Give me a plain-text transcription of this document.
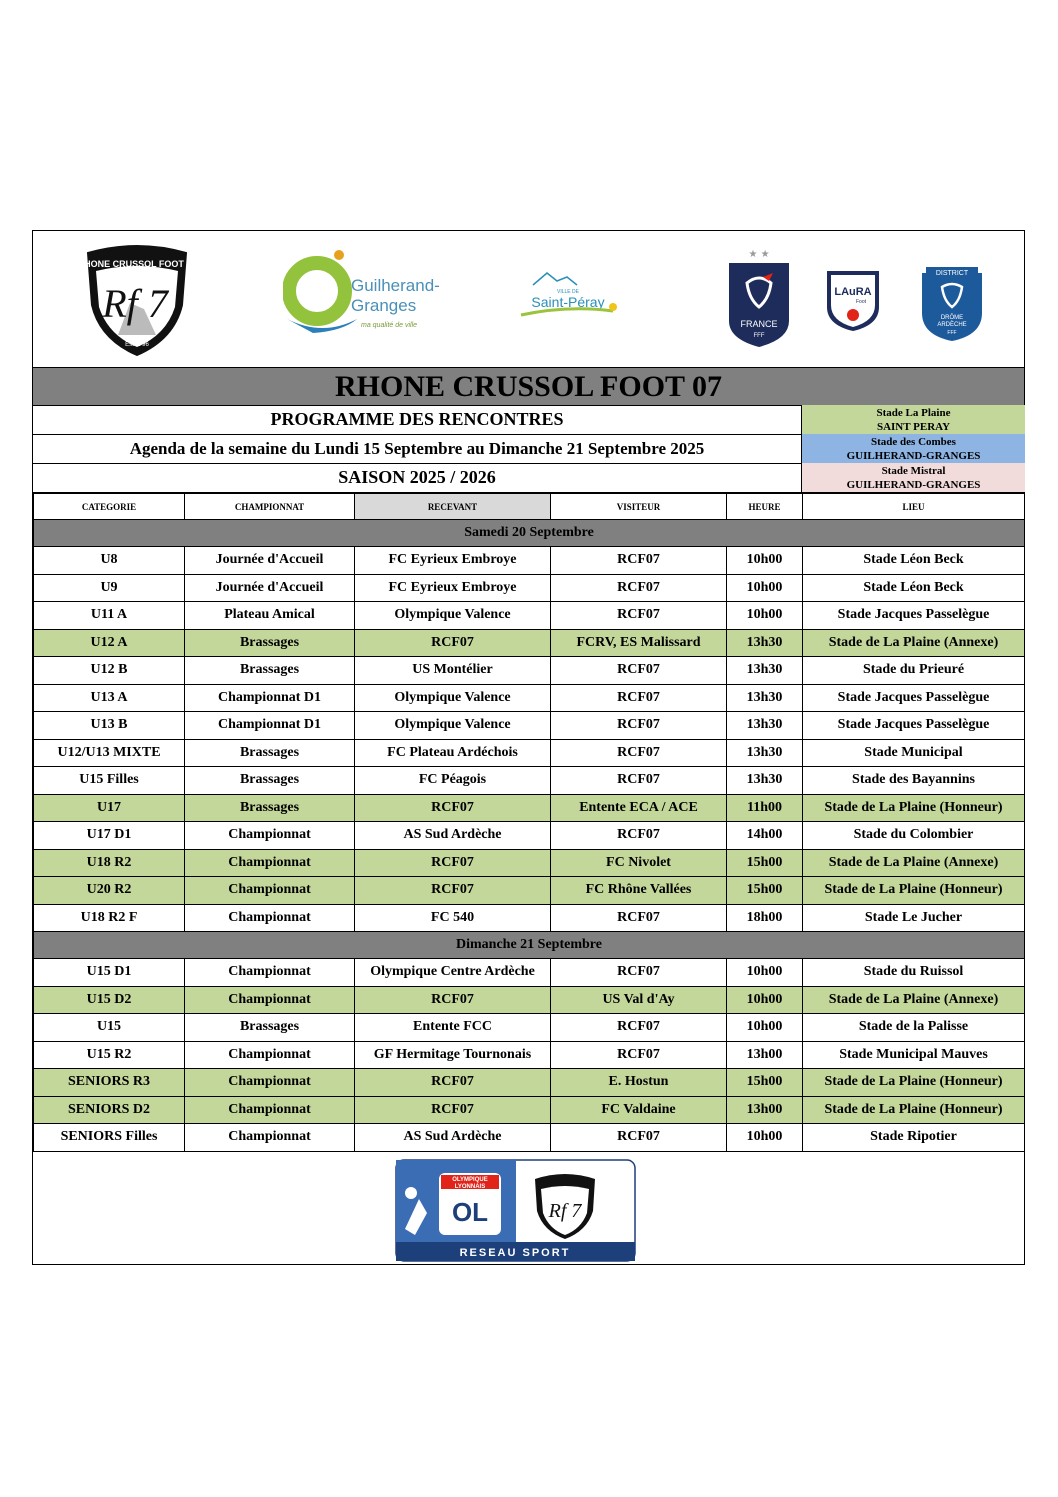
RHONE CRUSSOL FOOT 07
Rf 7
Est. 1 96
Guilherand-
Granges
ma qualité de ville
VILLE DE
Saint-Péray
★ ★
FRANCE
FFF
LAuRA
Foot
DISTRICT
DRÔME
ARDÈCHE
FFF
RHONE CRUSSOL FOOT 07
PROGRAMME DES RENCONTRES
Agenda de la semaine du Lundi 15 Septembre au Dimanche 21 Septembre 2025
SAISON 2025 / 2026
Stade La Plaine
SAINT PERAY
Stade des Combes
GUILHERAND-GRANGES
Stade Mistral
GUILHERAND-GRANGES
CATEGORIE	CHAMPIONNAT	RECEVANT	VISITEUR	HEURE	LIEU
Samedi 20 Septembre					
U8	Journée d'Accueil	FC Eyrieux Embroye	RCF07	10h00	Stade Léon Beck
U9	Journée d'Accueil	FC Eyrieux Embroye	RCF07	10h00	Stade Léon Beck
U11 A	Plateau Amical	Olympique Valence	RCF07	10h00	Stade Jacques Passelègue
U12 A	Brassages	RCF07	FCRV, ES Malissard	13h30	Stade de La Plaine (Annexe)
U12 B	Brassages	US Montélier	RCF07	13h30	Stade du Prieuré
U13 A	Championnat D1	Olympique Valence	RCF07	13h30	Stade Jacques Passelègue
U13 B	Championnat D1	Olympique Valence	RCF07	13h30	Stade Jacques Passelègue
U12/U13 MIXTE	Brassages	FC Plateau Ardéchois	RCF07	13h30	Stade Municipal
U15 Filles	Brassages	FC Péagois	RCF07	13h30	Stade des Bayannins
U17	Brassages	RCF07	Entente ECA / ACE	11h00	Stade de La Plaine (Honneur)
U17 D1	Championnat	AS Sud Ardèche	RCF07	14h00	Stade du Colombier
U18 R2	Championnat	RCF07	FC Nivolet	15h00	Stade de La Plaine (Annexe)
U20 R2	Championnat	RCF07	FC Rhône Vallées	15h00	Stade de La Plaine (Honneur)
U18 R2 F	Championnat	FC 540	RCF07	18h00	Stade Le Jucher
Dimanche 21 Septembre					
U15 D1	Championnat	Olympique Centre Ardèche	RCF07	10h00	Stade du Ruissol
U15 D2	Championnat	RCF07	US Val d'Ay	10h00	Stade de La Plaine (Annexe)
U15	Brassages	Entente FCC	RCF07	10h00	Stade de la Palisse
U15 R2	Championnat	GF Hermitage Tournonais	RCF07	13h00	Stade Municipal Mauves
SENIORS R3	Championnat	RCF07	E. Hostun	15h00	Stade de La Plaine (Honneur)
SENIORS D2	Championnat	RCF07	FC Valdaine	13h00	Stade de La Plaine (Honneur)
SENIORS Filles	Championnat	AS Sud Ardèche	RCF07	10h00	Stade Ripotier
OLYMPIQUE
LYONNAIS
OL	Rf 7
RESEAU SPORT
